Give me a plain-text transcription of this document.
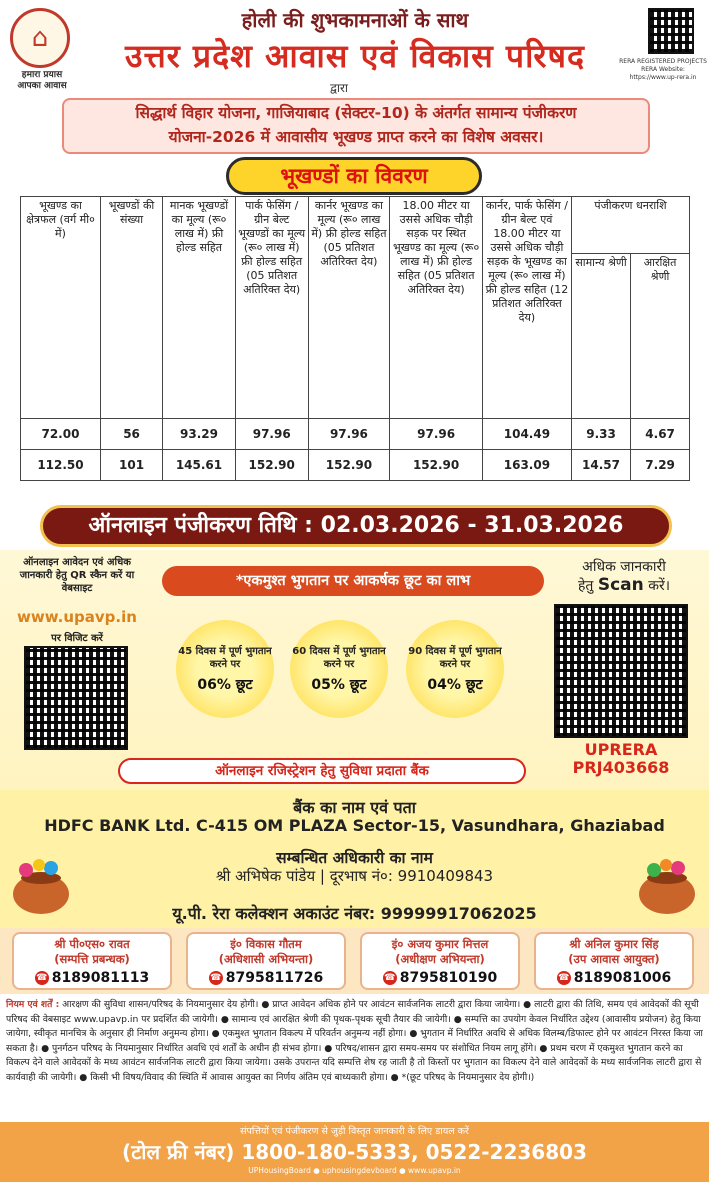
⌂
हमारा प्रयास
आपका आवास
होली की शुभकामनाओं के साथ
उत्तर प्रदेश आवास एवं विकास परिषद
द्वारा
RERA REGISTERED PROJECTS
RERA Website:
https://www.up-rera.in
सिद्धार्थ विहार योजना, गाजियाबाद (सेक्टर-10) के अंतर्गत सामान्य पंजीकरण
योजना-2026 में आवासीय भूखण्ड प्राप्त करने का विशेष अवसर।
भूखण्डों का विवरण
भूखण्ड का क्षेत्रफल (वर्ग मी० में)	भूखण्डों की संख्या	मानक भूखण्डों का मूल्य (रू० लाख में) फ्री होल्ड सहित	पार्क फेसिंग / ग्रीन बेल्ट भूखण्डों का मूल्य (रू० लाख में) फ्री होल्ड सहित (05 प्रतिशत अतिरिक्त देय)	कार्नर भूखण्ड का मूल्य (रू० लाख में) फ्री होल्ड सहित (05 प्रतिशत अतिरिक्त देय)	18.00 मीटर या उससे अधिक चौड़ी सड़क पर स्थित भूखण्ड का मूल्य (रू० लाख में) फ्री होल्ड सहित (05 प्रतिशत अतिरिक्त देय)	कार्नर, पार्क फेसिंग / ग्रीन बेल्ट एवं 18.00 मीटर या उससे अधिक चौड़ी सड़क के भूखण्ड का मूल्य (रू० लाख में) फ्री होल्ड सहित (12 प्रतिशत अतिरिक्त देय)	पंजीकरण धनराशि	
							सामान्य श्रेणी	आरक्षित श्रेणी
72.00	56	93.29	97.96	97.96	97.96	104.49	9.33	4.67
112.50	101	145.61	152.90	152.90	152.90	163.09	14.57	7.29
ऑनलाइन पंजीकरण तिथि : 02.03.2026 - 31.03.2026
ऑनलाइन आवेदन एवं अधिक जानकारी हेतु QR स्कैन करें या वेबसाइट
www.upavp.in
पर विजिट करें
*एकमुश्त भुगतान पर आकर्षक छूट का लाभ
45 दिवस में पूर्ण भुगतान करने पर
06% छूट
60 दिवस में पूर्ण भुगतान करने पर
05% छूट
90 दिवस में पूर्ण भुगतान करने पर
04% छूट
अधिक जानकारी
हेतु Scan करें।
UPRERA
PRJ403668
ऑनलाइन रजिस्ट्रेशन हेतु सुविधा प्रदाता बैंक
बैंक का नाम एवं पता
HDFC BANK Ltd. C-415 OM PLAZA Sector-15, Vasundhara, Ghaziabad
सम्बन्धित अधिकारी का नाम
श्री अभिषेक पांडेय | दूरभाष नं०: 9910409843
यू.पी. रेरा कलेक्शन अकाउंट नंबर: 99999917062025
श्री पी०एस० रावत
(सम्पत्ति प्रबन्धक)
☎ 8189081113
इं० विकास गौतम
(अधिशासी अभियन्ता)
☎ 8795811726
इं० अजय कुमार मित्तल
(अधीक्षण अभियन्ता)
☎ 8795810190
श्री अनिल कुमार सिंह
(उप आवास आयुक्त)
☎ 8189081006
नियम एवं शर्तें : आरक्षण की सुविधा शासन/परिषद के नियमानुसार देय होगी। ● प्राप्त आवेदन अधिक होने पर आवंटन सार्वजनिक लाटरी द्वारा किया जायेगा। ● लाटरी द्वारा की तिथि, समय एवं आवेदकों की सूची परिषद की वेबसाइट www.upavp.in पर प्रदर्शित की जायेगी। ● सामान्य एवं आरक्षित श्रेणी की पृथक-पृथक सूची तैयार की जायेगी। ● सम्पत्ति का उपयोग केवल निर्धारित उद्देश्य (आवासीय प्रयोजन) हेतु किया जायेगा, स्वीकृत मानचित्र के अनुसार ही निर्माण अनुमन्य होगा। ● एकमुश्त भुगतान विकल्प में परिवर्तन अनुमन्य नहीं होगा। ● भुगतान में निर्धारित अवधि से अधिक विलम्ब/डिफाल्ट होने पर आवंटन निरस्त किया जा सकता है। ● पुनर्गठन परिषद के नियमानुसार निर्धारित अवधि एवं शर्तों के अधीन ही संभव होगा। ● परिषद/शासन द्वारा समय-समय पर संशोधित नियम लागू होंगे। ● प्रथम चरण में एकमुश्त भुगतान करने का विकल्प देने वाले आवेदकों के मध्य आवंटन सार्वजनिक लाटरी द्वारा किया जायेगा। उसके उपरान्त यदि सम्पत्ति शेष रह जाती है तो किस्तों पर भुगतान का विकल्प देने वाले आवेदकों के मध्य सार्वजनिक लाटरी द्वारा से कार्यवाही की जायेगी। ● किसी भी विषय/विवाद की स्थिति में आवास आयुक्त का निर्णय अंतिम एवं बाध्यकारी होगा। ● *(छूट परिषद के नियमानुसार देय होगी।)
संपत्तियों एवं पंजीकरण से जुड़ी विस्तृत जानकारी के लिए डायल करें
(टोल फ्री नंबर) 1800-180-5333, 0522-2236803
UPHousingBoard ● uphousingdevboard ● www.upavp.in
